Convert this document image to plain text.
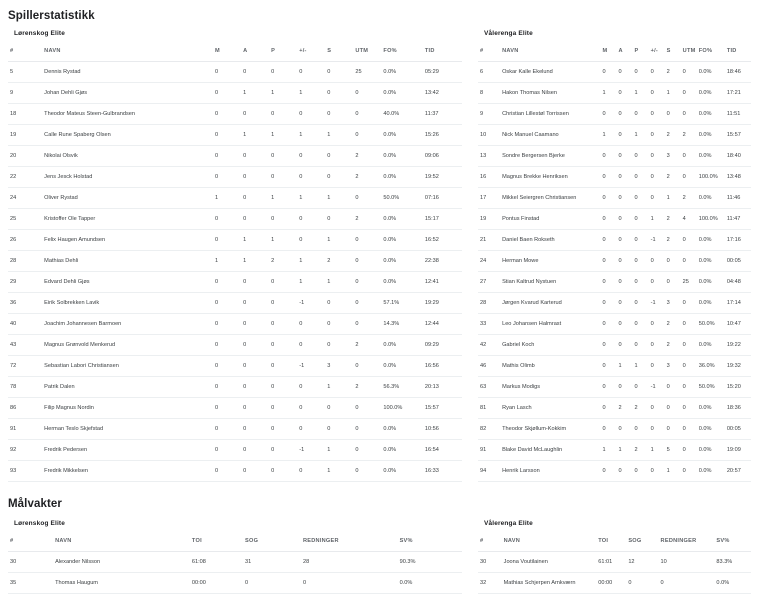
Spillerstatistikk
Lørenskog Elite
#	NAVN	M	A	P	+/-	S	UTM	FO%	TID
5	Dennis Rystad	0	0	0	0	0	25	0.0%	05:29
9	Johan Dehli Gjøs	0	1	1	1	0	0	0.0%	13:42
18	Theodor Mateus Steen-Gulbrandsen	0	0	0	0	0	0	40.0%	11:37
19	Calle Rune Spaberg Olsen	0	1	1	1	1	0	0.0%	15:26
20	Nikolai Olsvik	0	0	0	0	0	2	0.0%	09:06
22	Jens Jesck Holstad	0	0	0	0	0	2	0.0%	19:52
24	Oliver Rystad	1	0	1	1	1	0	50.0%	07:16
25	Kristoffer Ole Tapper	0	0	0	0	0	2	0.0%	15:17
26	Felix Haugen Amundsen	0	1	1	0	1	0	0.0%	16:52
28	Mathias Dehli	1	1	2	1	2	0	0.0%	22:38
29	Edvard Dehli Gjøs	0	0	0	1	1	0	0.0%	12:41
36	Eirik Solbrekken Lavik	0	0	0	-1	0	0	57.1%	19:29
40	Joachim Johannesen Barmoen	0	0	0	0	0	0	14.3%	12:44
43	Magnus Grønvold Menkerud	0	0	0	0	0	2	0.0%	09:29
72	Sebastian Labori Christiansen	0	0	0	-1	3	0	0.0%	16:56
78	Patrik Dalen	0	0	0	0	1	2	56.3%	20:13
86	Filip Magnus Nordin	0	0	0	0	0	0	100.0%	15:57
91	Herman Teslo Skjefstad	0	0	0	0	0	0	0.0%	10:56
92	Fredrik Pedersen	0	0	0	-1	1	0	0.0%	16:54
93	Fredrik Mikkelsen	0	0	0	0	1	0	0.0%	16:33
Vålerenga Elite
#	NAVN	M	A	P	+/-	S	UTM	FO%	TID
6	Oskar Kalle Ekelund	0	0	0	0	2	0	0.0%	18:46
8	Hakon Thomas Nilsen	1	0	1	0	1	0	0.0%	17:21
9	Christian Lillestøl Torrissen	0	0	0	0	0	0	0.0%	11:51
10	Nick Manuel Caamano	1	0	1	0	2	2	0.0%	15:57
13	Sondre Bergersen Bjerke	0	0	0	0	3	0	0.0%	18:40
16	Magnus Brekke Henriksen	0	0	0	0	2	0	100.0%	13:48
17	Mikkel Seiergren Christiansen	0	0	0	0	1	2	0.0%	11:46
19	Pontus Finstad	0	0	0	1	2	4	100.0%	11:47
21	Daniel Baen Rokseth	0	0	0	-1	2	0	0.0%	17:16
24	Herman Mowe	0	0	0	0	0	0	0.0%	00:05
27	Stian Kaltrud Nystuen	0	0	0	0	0	25	0.0%	04:48
28	Jørgen Kvarud Karterud	0	0	0	-1	3	0	0.0%	17:14
33	Leo Johansen Halmrast	0	0	0	0	2	0	50.0%	10:47
42	Gabriel Koch	0	0	0	0	2	0	0.0%	19:22
46	Mathis Olimb	0	1	1	0	3	0	36.0%	19:32
63	Markus Modigs	0	0	0	-1	0	0	50.0%	15:20
81	Ryan Lasch	0	2	2	0	0	0	0.0%	18:36
82	Theodor Skjøllum-Kokkim	0	0	0	0	0	0	0.0%	00:05
91	Blake David McLaughlin	1	1	2	1	5	0	0.0%	19:09
94	Henrik Larsson	0	0	0	0	1	0	0.0%	20:57
Målvakter
Lørenskog Elite
#	NAVN	TOI	SOG	REDNINGER	SV%
30	Alexander Nilsson	61:08	31	28	90.3%
35	Thomas Haugum	00:00	0	0	0.0%
Vålerenga Elite
#	NAVN	TOI	SOG	REDNINGER	SV%
30	Joona Voutilainen	61:01	12	10	83.3%
32	Mathias Schjerpen Arnkværn	00:00	0	0	0.0%
